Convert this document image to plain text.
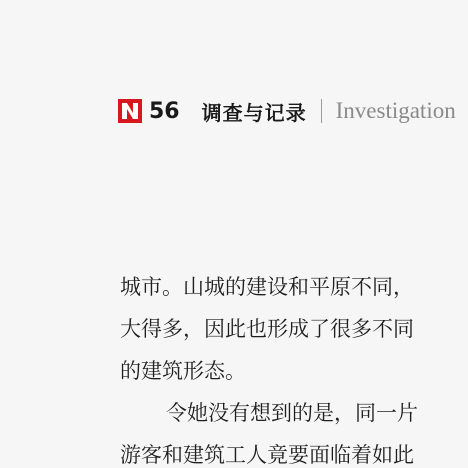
56 调查与记录 Investigation

城市。山城的建设和平原不同，

大得多，因此也形成了很多不同

的建筑形态。

令她没有想到的是，同一片

游客和建筑工人竟要面临着如此
